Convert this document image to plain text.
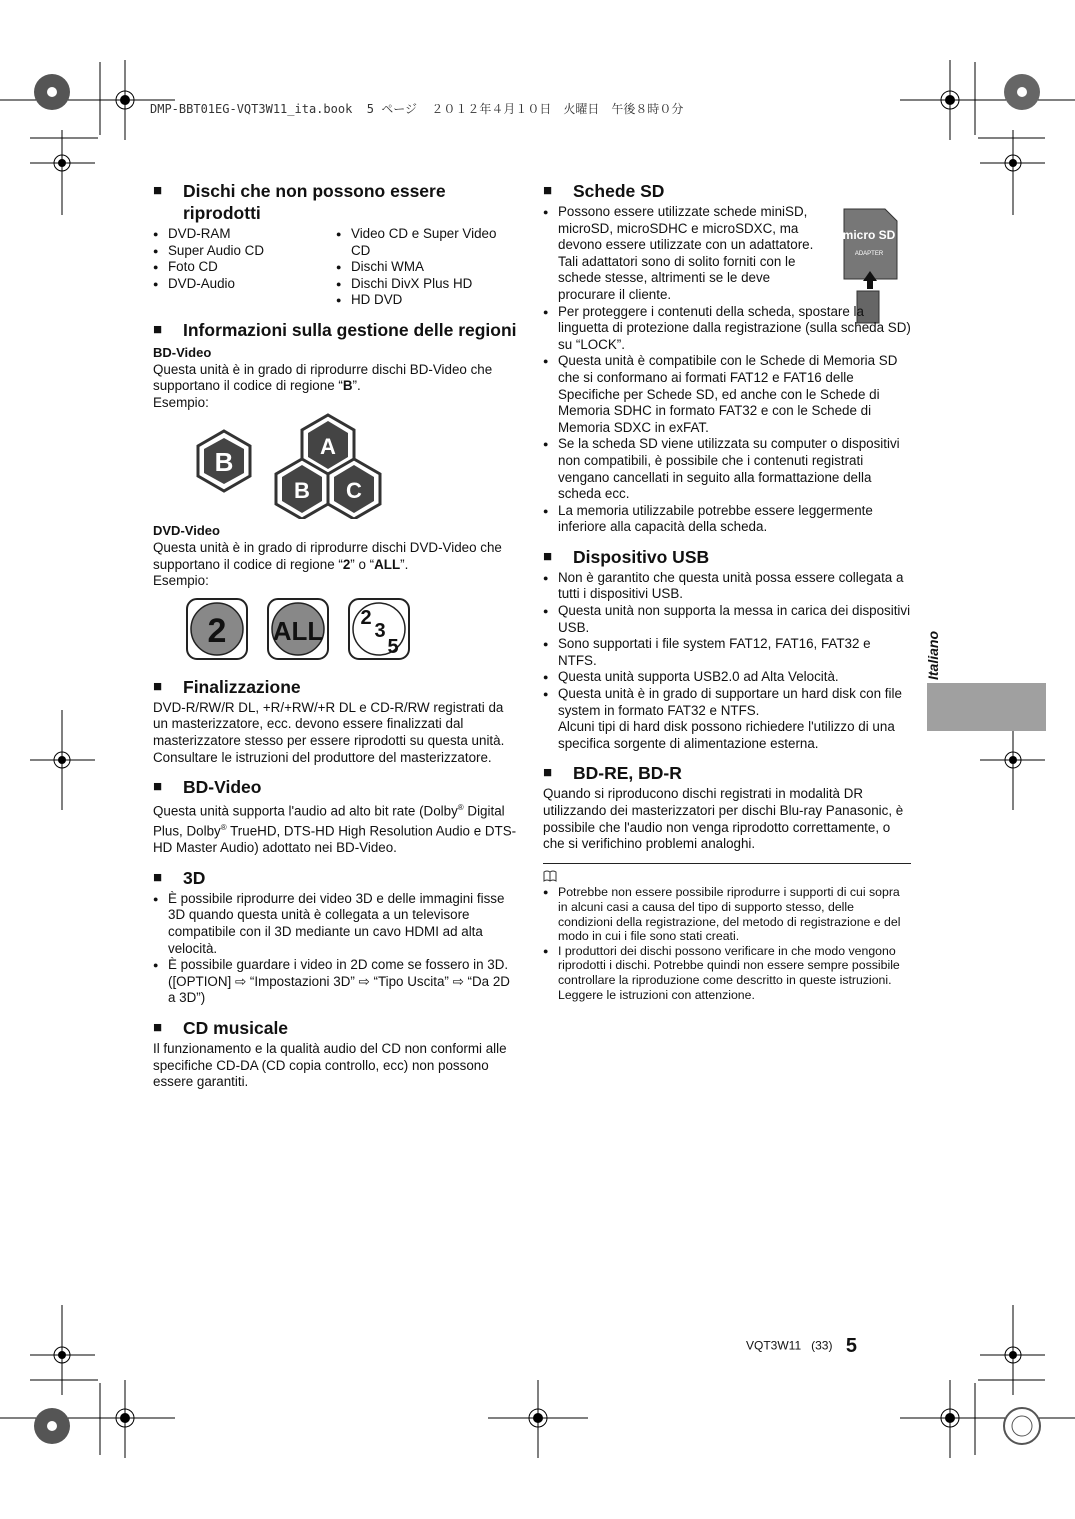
DMP-BBT01EG-VQT3W11_ita.book  5 ページ  ２０１２年４月１０日　火曜日　午後８時０分
■	Dischi che non possono essere riprodotti
● DVD-RAM
● Super Audio CD
● Foto CD
● DVD-Audio
● Video CD e Super Video CD
● Dischi WMA
● Dischi DivX Plus HD
● HD DVD
■	Informazioni sulla gestione delle regioni
BD-Video

Questa unità è in grado di riprodurre dischi BD-Video che supportano il codice di regione “B”.

Esempio:

B
A
B C
DVD-Video

Questa unità è in grado di riprodurre dischi DVD-Video che supportano il codice di regione “2” o “ALL”.

Esempio:

2 ALL 2
3
5
■	Finalizzazione

DVD-R/RW/R DL, +R/+RW/+R DL e CD-R/RW registrati da un masterizzatore, ecc. devono essere finalizzati dal masterizzatore stesso per essere riprodotti su questa unità. Consultare le istruzioni del produttore del masterizzatore.

■	BD-Video

Questa unità supporta l'audio ad alto bit rate (Dolby® Digital Plus, Dolby® TrueHD, DTS-HD High Resolution Audio e DTS-HD Master Audio) adottato nei BD-Video.

■	3D
● È possibile riprodurre dei video 3D e delle immagini fisse 3D quando questa unità è collegata a un televisore compatibile con il 3D mediante un cavo HDMI ad alta velocità.
● È possibile guardare i video in 2D come se fossero in 3D. ([OPTION] ⇨ “Impostazioni 3D” ⇨ “Tipo Uscita” ⇨ “Da 2D a 3D”)
■	CD musicale

Il funzionamento e la qualità audio del CD non conformi alle specifiche CD-DA (CD copia controllo, ecc) non possono essere garantiti.

■	Schede SD
micro SD
ADAPTER
● Possono essere utilizzate schede miniSD, microSD, microSDHC e microSDXC, ma devono essere utilizzate con un adattatore. Tali adattatori sono di solito forniti con le schede stesse, altrimenti se le deve procurare il cliente.
● Per proteggere i contenuti della scheda, spostare la linguetta di protezione dalla registrazione (sulla scheda SD) su “LOCK”.
● Questa unità è compatibile con le Schede di Memoria SD che si conformano ai formati FAT12 e FAT16 delle Specifiche per Schede SD, ed anche con le Schede di Memoria SDHC in formato FAT32 e con le Schede di Memoria SDXC in exFAT.
● Se la scheda SD viene utilizzata su computer o dispositivi non compatibili, è possibile che i contenuti registrati vengano cancellati in seguito alla formattazione della scheda ecc.
● La memoria utilizzabile potrebbe essere leggermente inferiore alla capacità della scheda.
■	Dispositivo USB
● Non è garantito che questa unità possa essere collegata a tutti i dispositivi USB.
● Questa unità non supporta la messa in carica dei dispositivi USB.
● Sono supportati i file system FAT12, FAT16, FAT32 e NTFS.
● Questa unità supporta USB2.0 ad Alta Velocità.
● Questa unità è in grado di supportare un hard disk con file system in formato FAT32 e NTFS.

Alcuni tipi di hard disk possono richiedere l'utilizzo di una specifica sorgente di alimentazione esterna.

■	BD-RE, BD-R

Quando si riproducono dischi registrati in modalità DR utilizzando dei masterizzatori per dischi Blu-ray Panasonic, è possibile che l'audio non venga riprodotto correttamente, o che si verifichino problemi analoghi.

● Potrebbe non essere possibile riprodurre i supporti di cui sopra in alcuni casi a causa del tipo di supporto stesso, delle condizioni della registrazione, del metodo di registrazione e del modo in cui i file sono stati creati.
● I produttori dei dischi possono verificare in che modo vengono riprodotti i dischi. Potrebbe quindi non essere sempre possibile controllare la riproduzione come descritto in queste istruzioni. Leggere le istruzioni con attenzione.
Italiano
VQT3W11 (33) 5
